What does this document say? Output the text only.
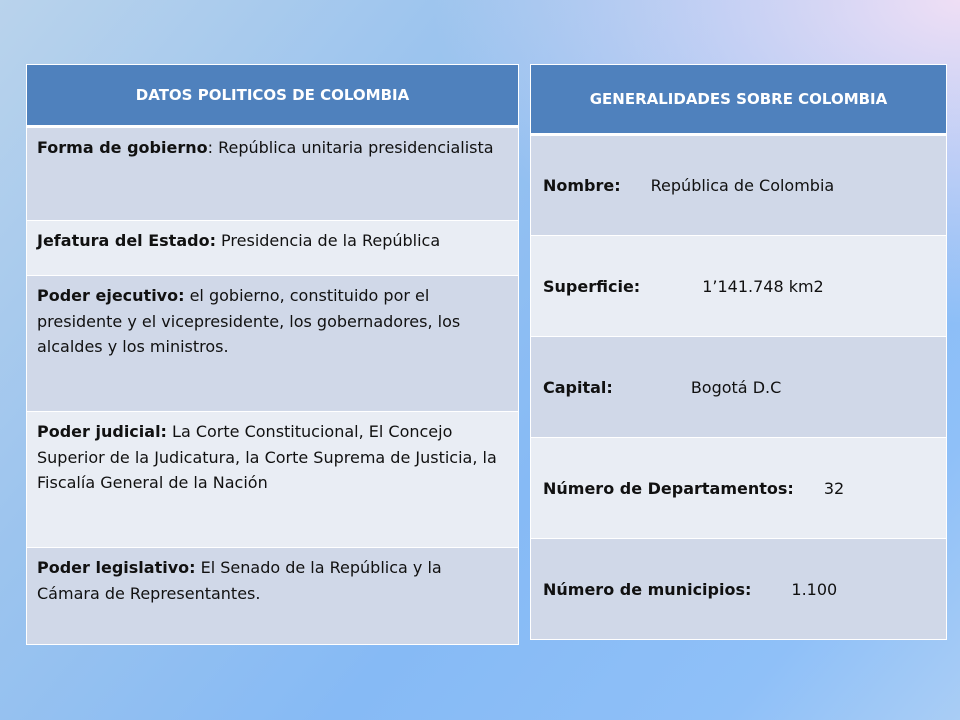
DATOS POLITICOS DE COLOMBIA
Forma de gobierno: República unitaria presidencialista
Jefatura del Estado: Presidencia de la República
Poder ejecutivo: el gobierno, constituido por el presidente y el vicepresidente, los gobernadores, los alcaldes y los ministros.
Poder judicial: La Corte Constitucional, El Concejo Superior de la Judicatura, la Corte Suprema de Justicia, la Fiscalía General de la Nación
Poder legislativo: El Senado de la República y la Cámara de Representantes.
GENERALIDADES SOBRE COLOMBIA
Nombre: República de Colombia
Superficie:	1’141.748 km2
Capital:	Bogotá D.C
Número de Departamentos: 32
Número de municipios:	1.100
